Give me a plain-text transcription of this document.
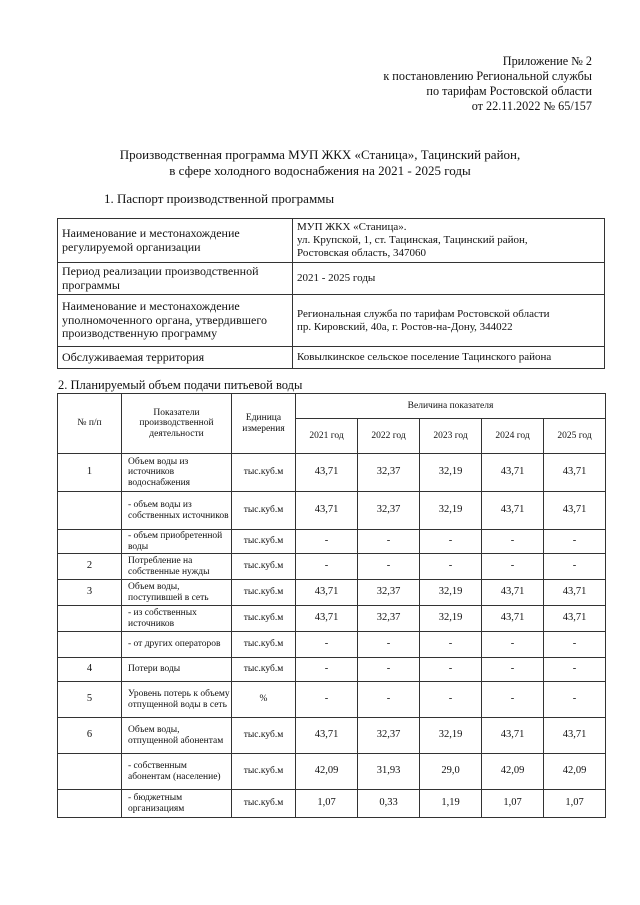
Приложение № 2
к постановлению Региональной службы
по тарифам Ростовской области
от 22.11.2022 № 65/157
Производственная программа МУП ЖКХ «Станица», Тацинский район,
в сфере холодного водоснабжения на 2021 - 2025 годы
1. Паспорт производственной программы
Наименование и местонахождение регулируемой организации	МУП ЖКХ «Станица».
ул. Крупской, 1, ст. Тацинская, Тацинский район,
Ростовская область, 347060

Период реализации производственной программы	2021 - 2025 годы

Наименование и местонахождение уполномоченного органа, утвердившего производственную программу	Региональная служба по тарифам Ростовской области
пр. Кировский, 40а, г. Ростов-на-Дону, 344022

Обслуживаемая территория	Ковылкинское сельское поселение Тацинского района
2. Планируемый объем подачи питьевой воды
№ п/п	Показатели производственной деятельности	Единица измерения	Величина показателя				
			2021 год	2022 год	2023 год	2024 год	2025 год
1	Объем воды из источников водоснабжения	тыс.куб.м	43,71	32,37	32,19	43,71	43,71
	- объем воды из собственных источников	тыс.куб.м	43,71	32,37	32,19	43,71	43,71
	- объем приобретенной воды	тыс.куб.м	-	-	-	-	-
2	Потребление на собственные нужды	тыс.куб.м	-	-	-	-	-
3	Объем воды, поступившей в сеть	тыс.куб.м	43,71	32,37	32,19	43,71	43,71
	- из собственных источников	тыс.куб.м	43,71	32,37	32,19	43,71	43,71
	- от других операторов	тыс.куб.м	-	-	-	-	-
4	Потери воды	тыс.куб.м	-	-	-	-	-
5	Уровень потерь к объему отпущенной воды в сеть	%	-	-	-	-	-
6	Объем воды, отпущенной абонентам	тыс.куб.м	43,71	32,37	32,19	43,71	43,71
	- собственным абонентам (население)	тыс.куб.м	42,09	31,93	29,0	42,09	42,09
	- бюджетным организациям	тыс.куб.м	1,07	0,33	1,19	1,07	1,07
